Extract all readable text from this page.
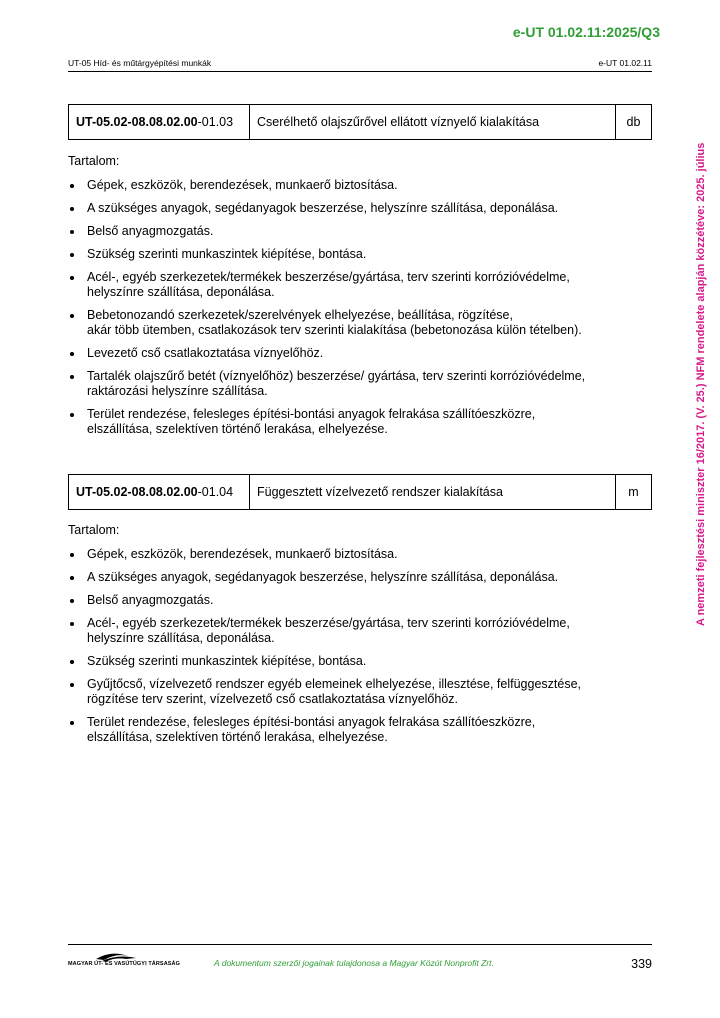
e-UT 01.02.11:2025/Q3
UT-05 Híd- és műtárgyépítési munkák	e-UT 01.02.11
UT-05.02-08.08.02.00 -01.03	Cserélhető olajszűrővel ellátott víznyelő kialakítása	db
Tartalom:
Gépek, eszközök, berendezések, munkaerő biztosítása.
A szükséges anyagok, segédanyagok beszerzése, helyszínre szállítása, deponálása.
Belső anyagmozgatás.
Szükség szerinti munkaszintek kiépítése, bontása.
Acél-, egyéb szerkezetek/termékek beszerzése/gyártása, terv szerinti korrózióvédelme,
helyszínre szállítása, deponálása.
Bebetonozandó szerkezetek/szerelvények elhelyezése, beállítása, rögzítése,
akár több ütemben, csatlakozások terv szerinti kialakítása (bebetonozása külön tételben).
Levezető cső csatlakoztatása víznyelőhöz.
Tartalék olajszűrő betét (víznyelőhöz) beszerzése/ gyártása, terv szerinti korrózióvédelme,
raktározási helyszínre szállítása.
Terület rendezése, felesleges építési-bontási anyagok felrakása szállítóeszközre,
elszállítása, szelektíven történő lerakása, elhelyezése.
UT-05.02-08.08.02.00 -01.04	Függesztett vízelvezető rendszer kialakítása	m
Tartalom:
Gépek, eszközök, berendezések, munkaerő biztosítása.
A szükséges anyagok, segédanyagok beszerzése, helyszínre szállítása, deponálása.
Belső anyagmozgatás.
Acél-, egyéb szerkezetek/termékek beszerzése/gyártása, terv szerinti korrózióvédelme,
helyszínre szállítása, deponálása.
Szükség szerinti munkaszintek kiépítése, bontása.
Gyűjtőcső, vízelvezető rendszer egyéb elemeinek elhelyezése, illesztése, felfüggesztése,
rögzítése terv szerint, vízelvezető cső csatlakoztatása víznyelőhöz.
Terület rendezése, felesleges építési-bontási anyagok felrakása szállítóeszközre,
elszállítása, szelektíven történő lerakása, elhelyezése.
A nemzeti fejlesztési miniszter 16/2017. (V. 25.) NFM rendelete alapján közzétéve: 2025. július
MAGYAR ÚT- ÉS VASÚTÜGYI TÁRSASÁG	A dokumentum szerzői jogainak tulajdonosa a Magyar Közút Nonprofit Zrt.	339
